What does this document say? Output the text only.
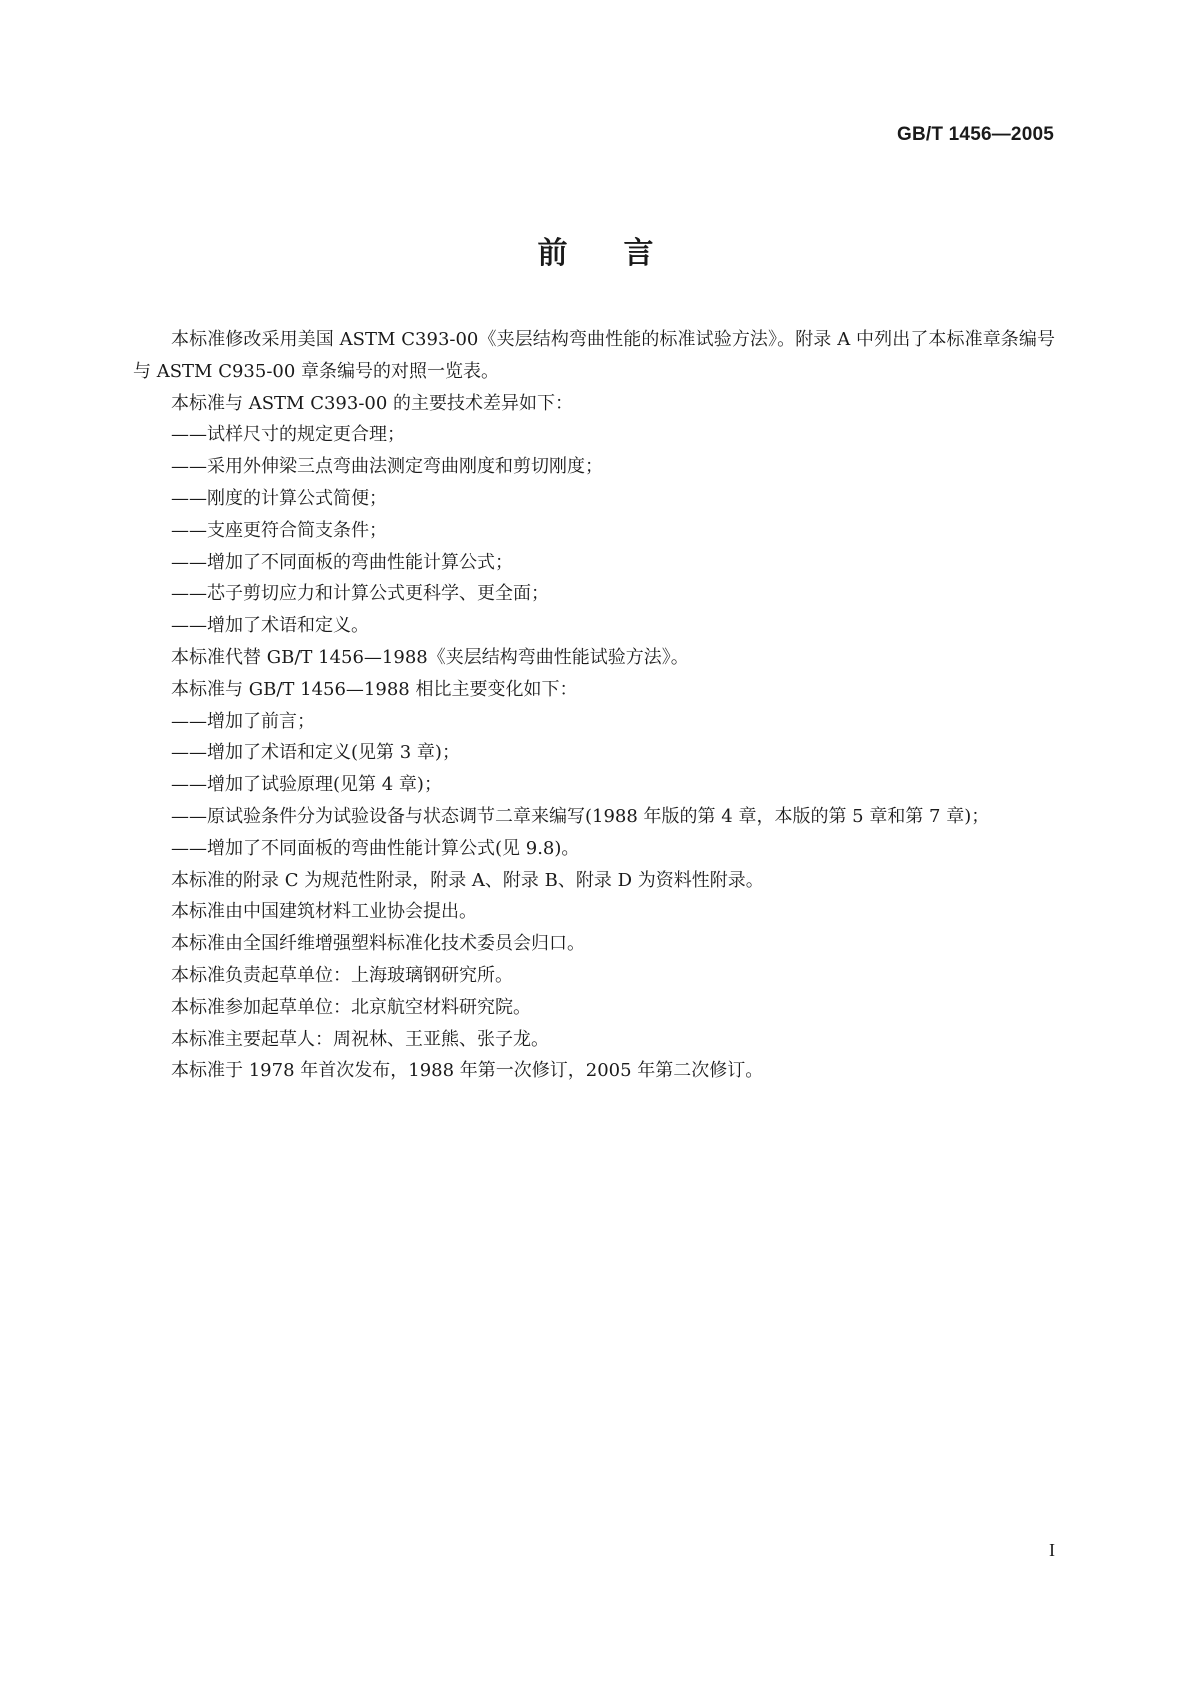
GB/T 1456—2005
前言

本标准修改采用美国 ASTM C393-00《夹层结构弯曲性能的标准试验方法》。附录 A 中列出了本标准章条编号与 ASTM C935-00 章条编号的对照一览表。

本标准与 ASTM C393-00 的主要技术差异如下：

——试样尺寸的规定更合理；

——采用外伸梁三点弯曲法测定弯曲刚度和剪切刚度；

——刚度的计算公式简便；

——支座更符合简支条件；

——增加了不同面板的弯曲性能计算公式；

——芯子剪切应力和计算公式更科学、更全面；

——增加了术语和定义。

本标准代替 GB/T 1456—1988《夹层结构弯曲性能试验方法》。

本标准与 GB/T 1456—1988 相比主要变化如下：

——增加了前言；

——增加了术语和定义(见第 3 章)；

——增加了试验原理(见第 4 章)；

——原试验条件分为试验设备与状态调节二章来编写(1988 年版的第 4 章，本版的第 5 章和第 7 章)；

——增加了不同面板的弯曲性能计算公式(见 9.8)。

本标准的附录 C 为规范性附录，附录 A、附录 B、附录 D 为资料性附录。

本标准由中国建筑材料工业协会提出。

本标准由全国纤维增强塑料标准化技术委员会归口。

本标准负责起草单位：上海玻璃钢研究所。

本标准参加起草单位：北京航空材料研究院。

本标准主要起草人：周祝林、王亚熊、张子龙。

本标准于 1978 年首次发布，1988 年第一次修订，2005 年第二次修订。

I
